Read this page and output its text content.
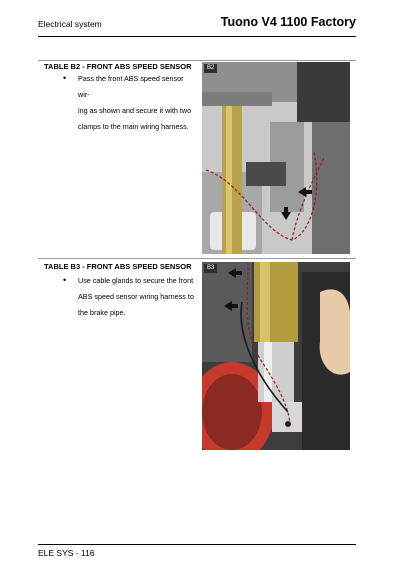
Electrical system	Tuono V4 1100 Factory
TABLE B2 - FRONT ABS SPEED SENSOR
• Pass the front ABS speed sensor wir-
ing as shown and secure it with two
clamps to the main wiring harness.
B2
TABLE B3 - FRONT ABS SPEED SENSOR
• Use cable glands to secure the front
ABS speed sensor wiring harness to
the brake pipe.
B3
ELE SYS - 116
